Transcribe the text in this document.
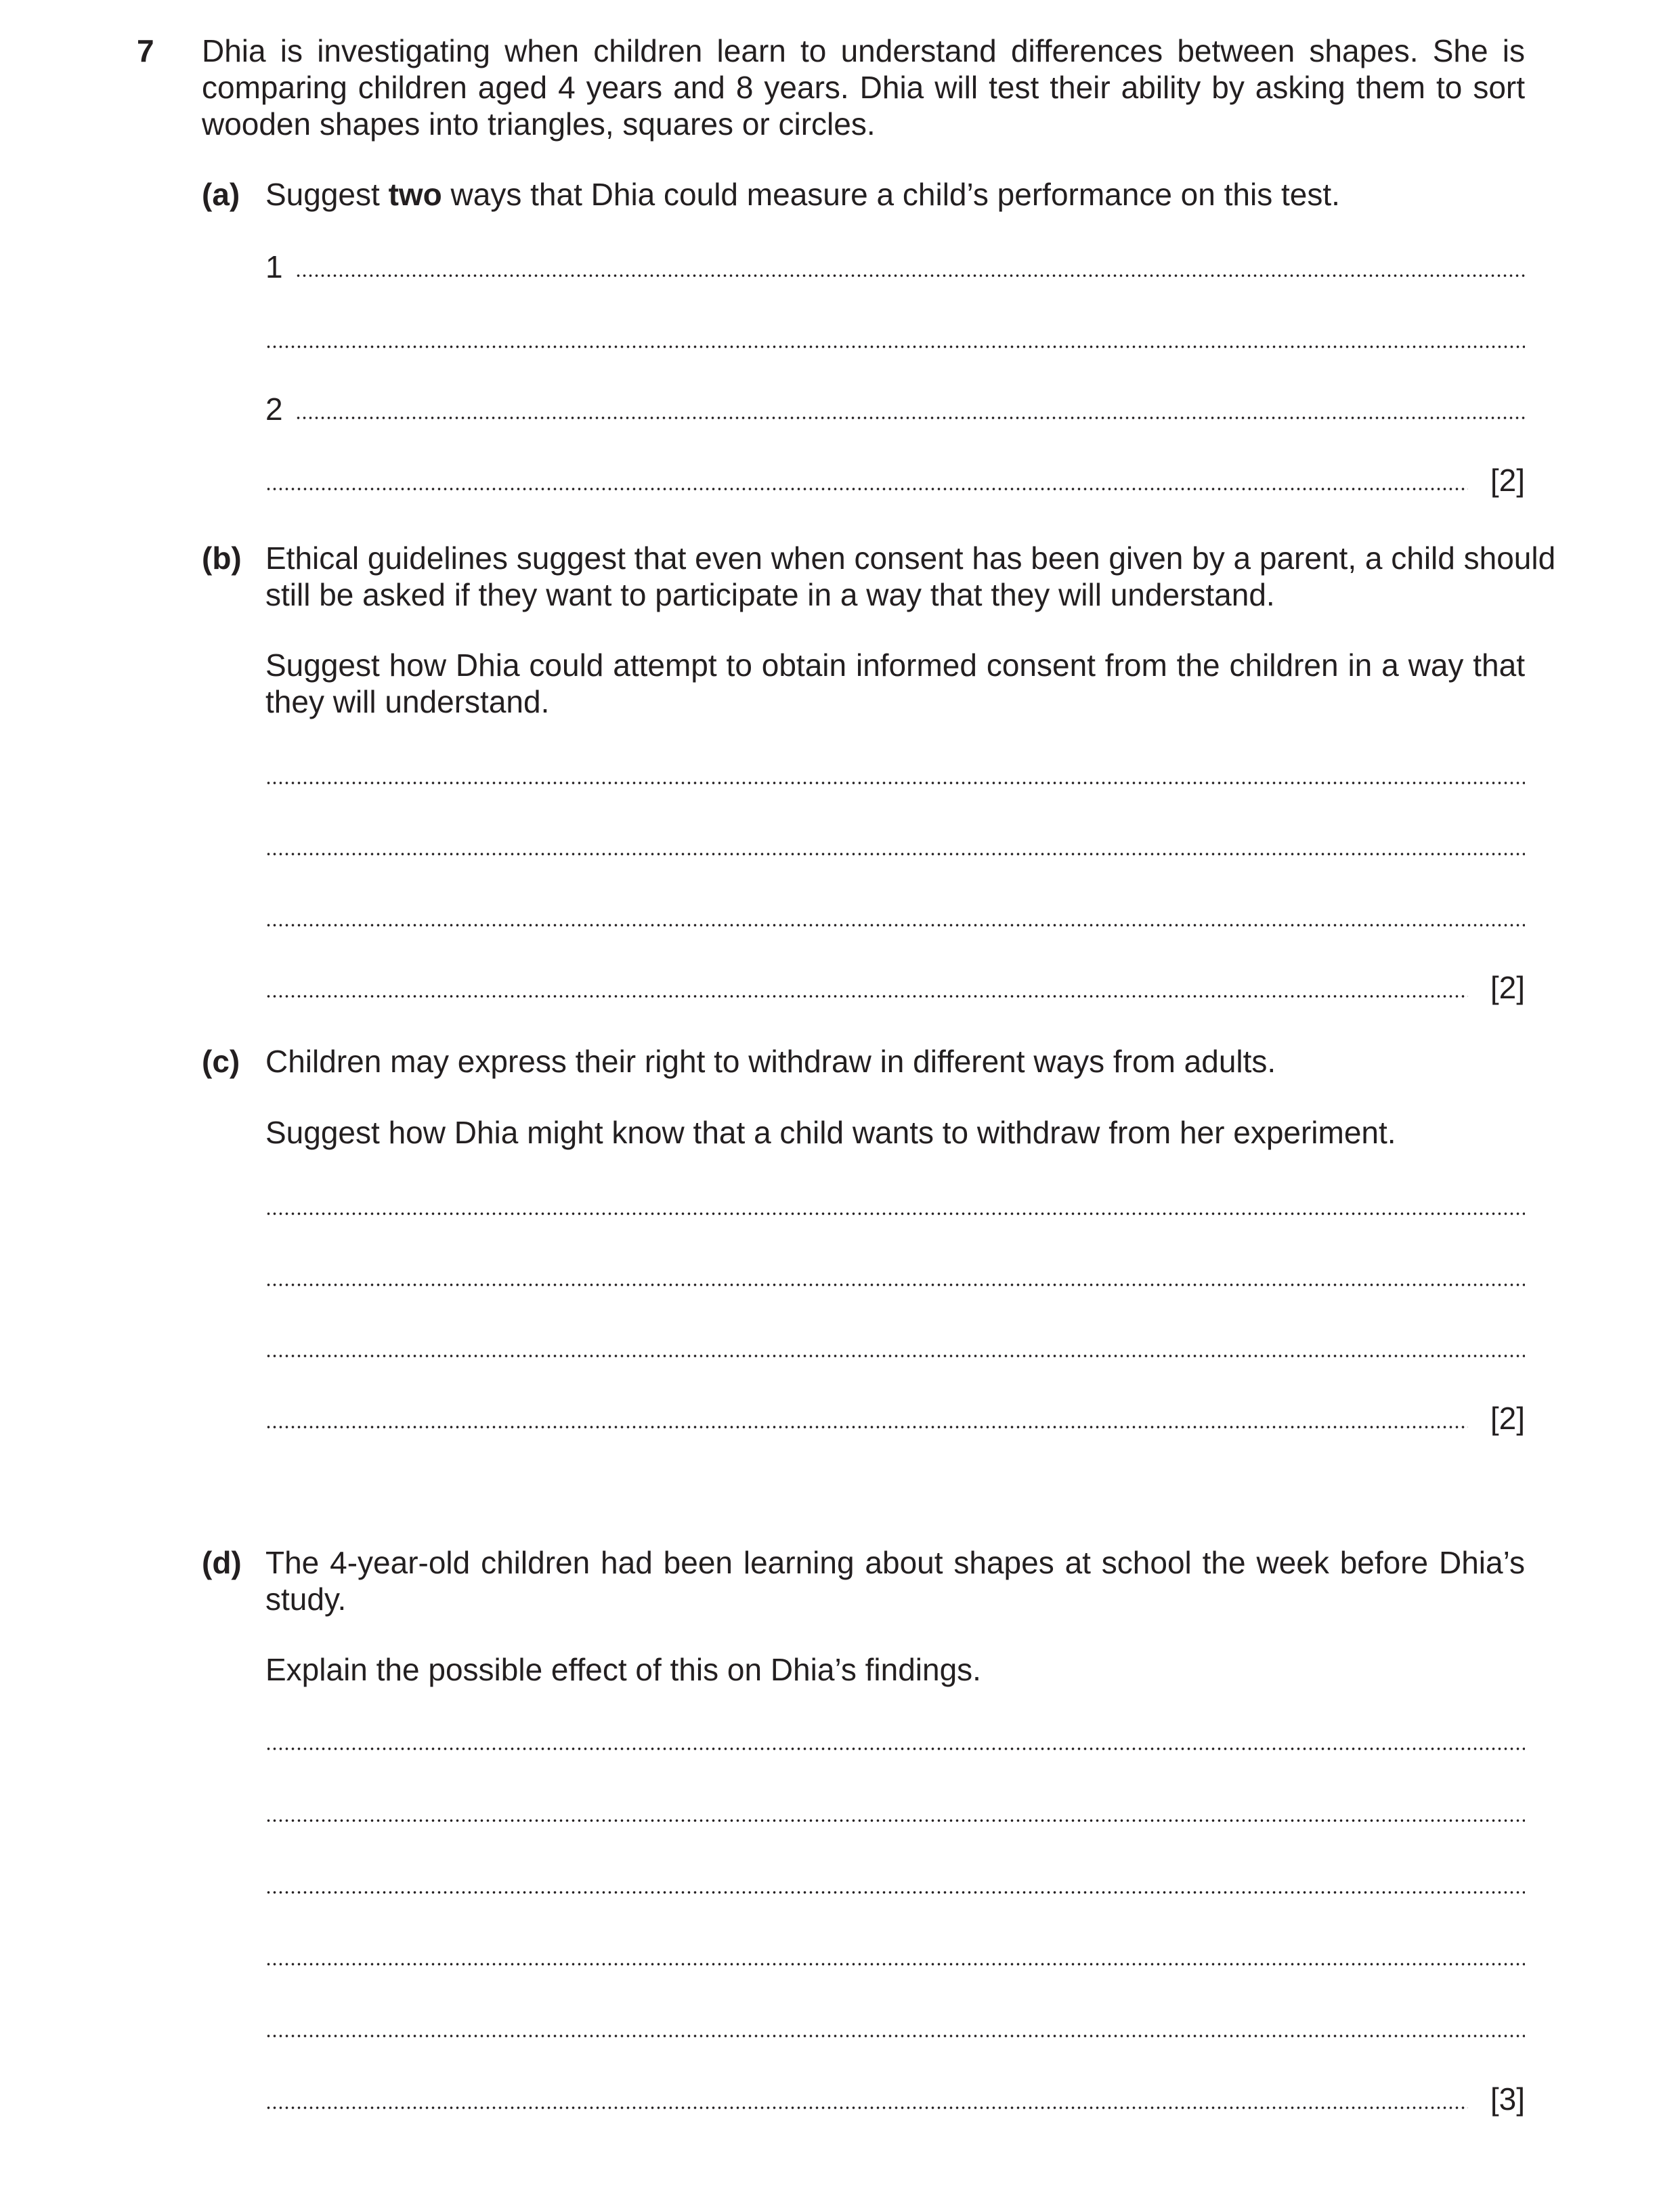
7 Dhia is investigating when children learn to understand differences between shapes. She is
comparing children aged 4 years and 8 years. Dhia will test their ability by asking them to sort
wooden shapes into triangles, squares or circles.
(a) Suggest two ways that Dhia could measure a child’s performance on this test.
1
2
[2]
(b) Ethical guidelines suggest that even when consent has been given by a parent, a child should
still be asked if they want to participate in a way that they will understand.
Suggest how Dhia could attempt to obtain informed consent from the children in a way that
they will understand.
[2]
(c) Children may express their right to withdraw in different ways from adults.
Suggest how Dhia might know that a child wants to withdraw from her experiment.
[2]
(d) The 4-year-old children had been learning about shapes at school the week before Dhia’s
study.
Explain the possible effect of this on Dhia’s findings.
[3]
